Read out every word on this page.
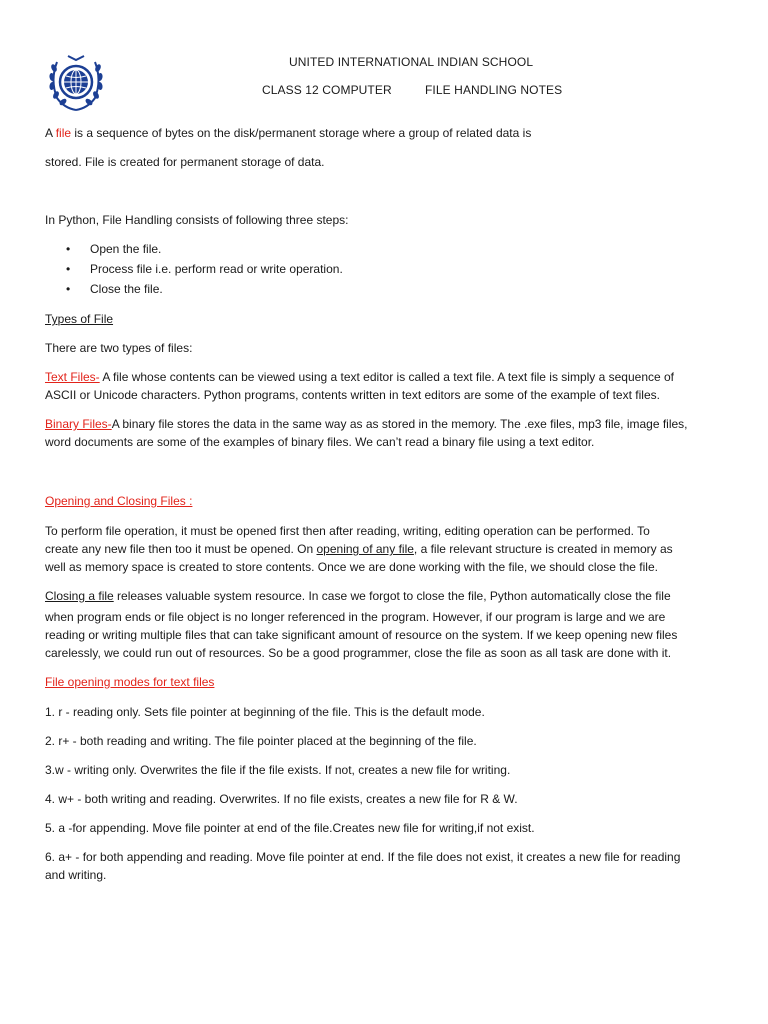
UNITED INTERNATIONAL INDIAN SCHOOL
CLASS 12 COMPUTER	FILE HANDLING NOTES
A file is a sequence of bytes on the disk/permanent storage where a group of related data is
stored. File is created for permanent storage of data.
In Python, File Handling consists of following three steps:
• Open the file.
• Process file i.e. perform read or write operation.
• Close the file.
Types of File
There are two types of files:
Text Files- A file whose contents can be viewed using a text editor is called a text file. A text file is simply a sequence of
ASCII or Unicode characters. Python programs, contents written in text editors are some of the example of text files.
Binary Files-A binary file stores the data in the same way as as stored in the memory. The .exe files, mp3 file, image files,
word documents are some of the examples of binary files. We can’t read a binary file using a text editor.
Opening and Closing Files :
To perform file operation, it must be opened first then after reading, writing, editing operation can be performed. To
create any new file then too it must be opened. On opening of any file, a file relevant structure is created in memory as
well as memory space is created to store contents. Once we are done working with the file, we should close the file.
Closing a file releases valuable system resource. In case we forgot to close the file, Python automatically close the file
when program ends or file object is no longer referenced in the program. However, if our program is large and we are
reading or writing multiple files that can take significant amount of resource on the system. If we keep opening new files
carelessly, we could run out of resources. So be a good programmer, close the file as soon as all task are done with it.
File opening modes for text files
1. r - reading only. Sets file pointer at beginning of the file. This is the default mode.
2. r+ - both reading and writing. The file pointer placed at the beginning of the file.
3.w - writing only. Overwrites the file if the file exists. If not, creates a new file for writing.
4. w+ - both writing and reading. Overwrites. If no file exists, creates a new file for R & W.
5. a -for appending. Move file pointer at end of the file.Creates new file for writing,if not exist.
6. a+ - for both appending and reading. Move file pointer at end. If the file does not exist, it creates a new file for reading
and writing.
